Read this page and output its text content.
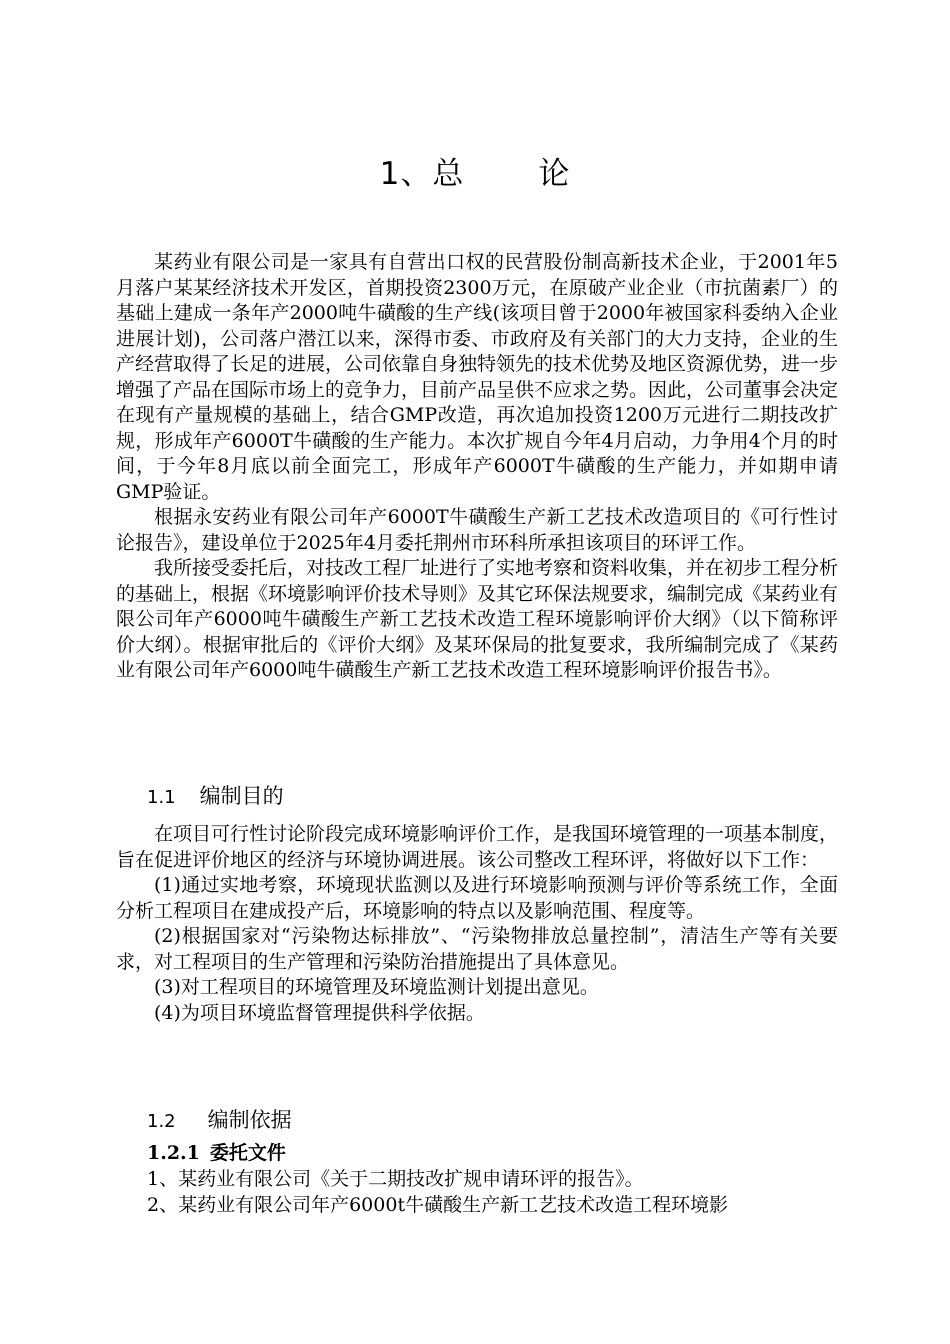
1、总 论

某药业有限公司是一家具有自营出口权的民营股份制高新技术企业，于2001年5月落户某某经济技术开发区，首期投资2300万元，在原破产业企业（市抗菌素厂）的基础上建成一条年产2000吨牛磺酸的生产线(该项目曾于2000年被国家科委纳入企业进展计划)，公司落户潜江以来，深得市委、市政府及有关部门的大力支持，企业的生产经营取得了长足的进展，公司依靠自身独特领先的技术优势及地区资源优势，进一步增强了产品在国际市场上的竞争力，目前产品呈供不应求之势。因此，公司董事会决定在现有产量规模的基础上，结合GMP改造，再次追加投资1200万元进行二期技改扩规，形成年产6000T牛磺酸的生产能力。本次扩规自今年4月启动，力争用4个月的时间，于今年8月底以前全面完工，形成年产6000T牛磺酸的生产能力，并如期申请GMP验证。

根据永安药业有限公司年产6000T牛磺酸生产新工艺技术改造项目的《可行性讨论报告》，建设单位于2025年4月委托荆州市环科所承担该项目的环评工作。

我所接受委托后，对技改工程厂址进行了实地考察和资料收集，并在初步工程分析的基础上，根据《环境影响评价技术导则》及其它环保法规要求，编制完成《某药业有限公司年产6000吨牛磺酸生产新工艺技术改造工程环境影响评价大纲》（以下简称评价大纲）。根据审批后的《评价大纲》及某环保局的批复要求，我所编制完成了《某药业有限公司年产6000吨牛磺酸生产新工艺技术改造工程环境影响评价报告书》。

1.1 编制目的

在项目可行性讨论阶段完成环境影响评价工作，是我国环境管理的一项基本制度，旨在促进评价地区的经济与环境协调进展。该公司整改工程环评，将做好以下工作：

(1)通过实地考察，环境现状监测以及进行环境影响预测与评价等系统工作，全面分析工程项目在建成投产后，环境影响的特点以及影响范围、程度等。

(2)根据国家对“污染物达标排放”、“污染物排放总量控制”，清洁生产等有关要求，对工程项目的生产管理和污染防治措施提出了具体意见。

(3)对工程项目的环境管理及环境监测计划提出意见。

(4)为项目环境监督管理提供科学依据。

1.2 编制依据
1.2.1 委托文件

1、某药业有限公司《关于二期技改扩规申请环评的报告》。

2、某药业有限公司年产6000t牛磺酸生产新工艺技术改造工程环境影
